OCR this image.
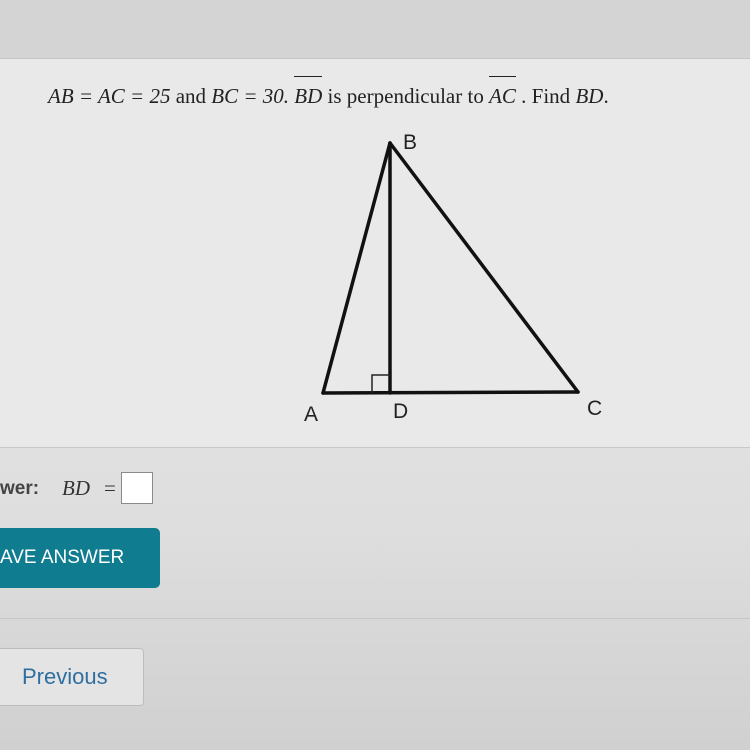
AB = AC = 25 and BC = 30. BD is perpendicular to AC . Find BD.
B
A	D	C
wer: BD =
AVE ANSWER
Previous
